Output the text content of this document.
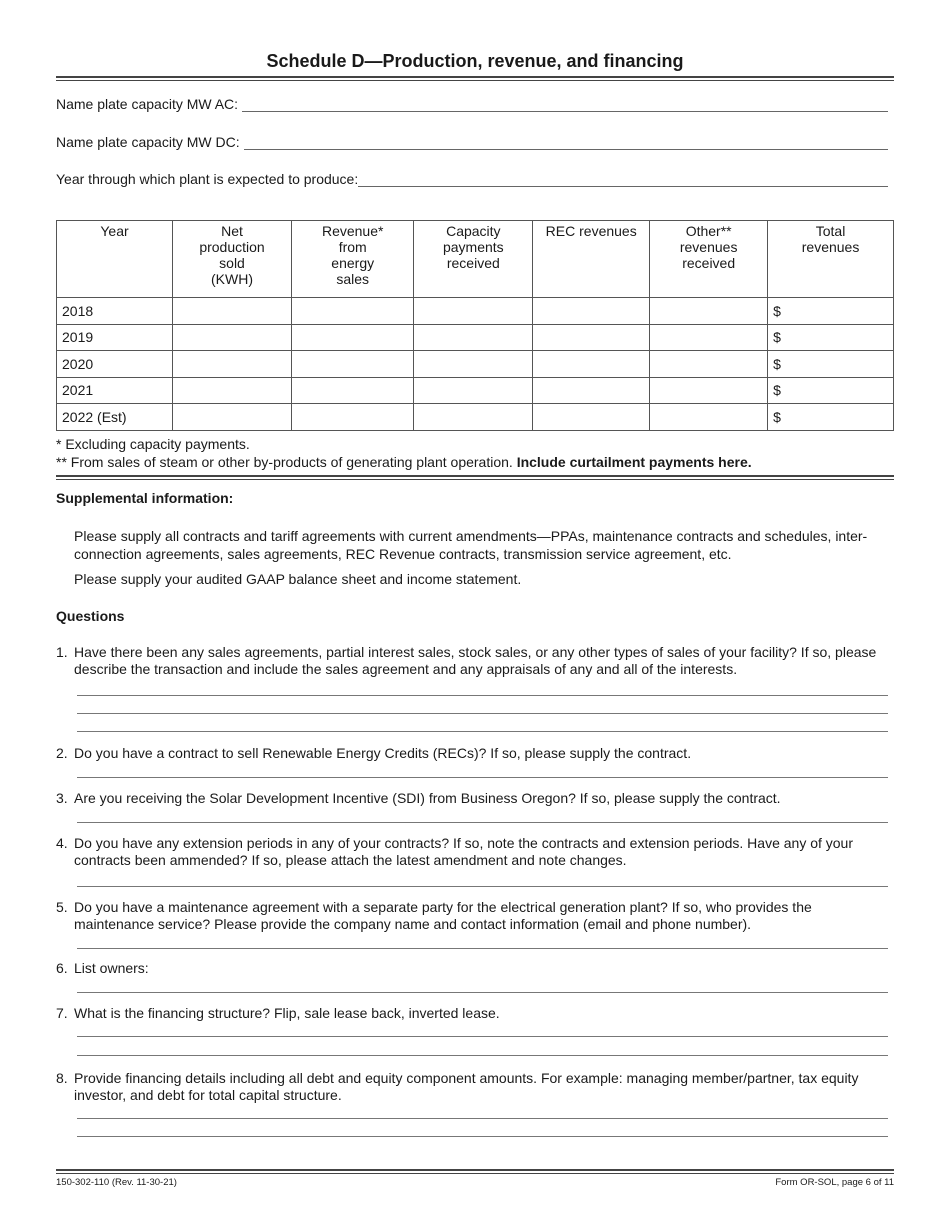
Schedule D—Production, revenue, and financing
Name plate capacity MW AC:
Name plate capacity MW DC:
Year through which plant is expected to produce:
Year	Net production sold (KWH)	Revenue* from energy sales	Capacity payments received	REC revenues	Other** revenues received	Total revenues
2018						$
2019						$
2020						$
2021						$
2022 (Est)						$
* Excluding capacity payments.
** From sales of steam or other by-products of generating plant operation. Include curtailment payments here.
Supplemental information:
Please supply all contracts and tariff agreements with current amendments—PPAs, maintenance contracts and schedules, inter-connection agreements, sales agreements, REC Revenue contracts, transmission service agreement, etc.
Please supply your audited GAAP balance sheet and income statement.
Questions
1. Have there been any sales agreements, partial interest sales, stock sales, or any other types of sales of your facility? If so, please describe the transaction and include the sales agreement and any appraisals of any and all of the interests.
2. Do you have a contract to sell Renewable Energy Credits (RECs)? If so, please supply the contract.
3. Are you receiving the Solar Development Incentive (SDI) from Business Oregon? If so, please supply the contract.
4. Do you have any extension periods in any of your contracts? If so, note the contracts and extension periods. Have any of your contracts been ammended? If so, please attach the latest amendment and note changes.
5. Do you have a maintenance agreement with a separate party for the electrical generation plant? If so, who provides the maintenance service? Please provide the company name and contact information (email and phone number).
6. List owners:
7. What is the financing structure? Flip, sale lease back, inverted lease.
8. Provide financing details including all debt and equity component amounts. For example: managing member/partner, tax equity investor, and debt for total capital structure.
150-302-110 (Rev. 11-30-21)	Form OR-SOL, page 6 of 11
